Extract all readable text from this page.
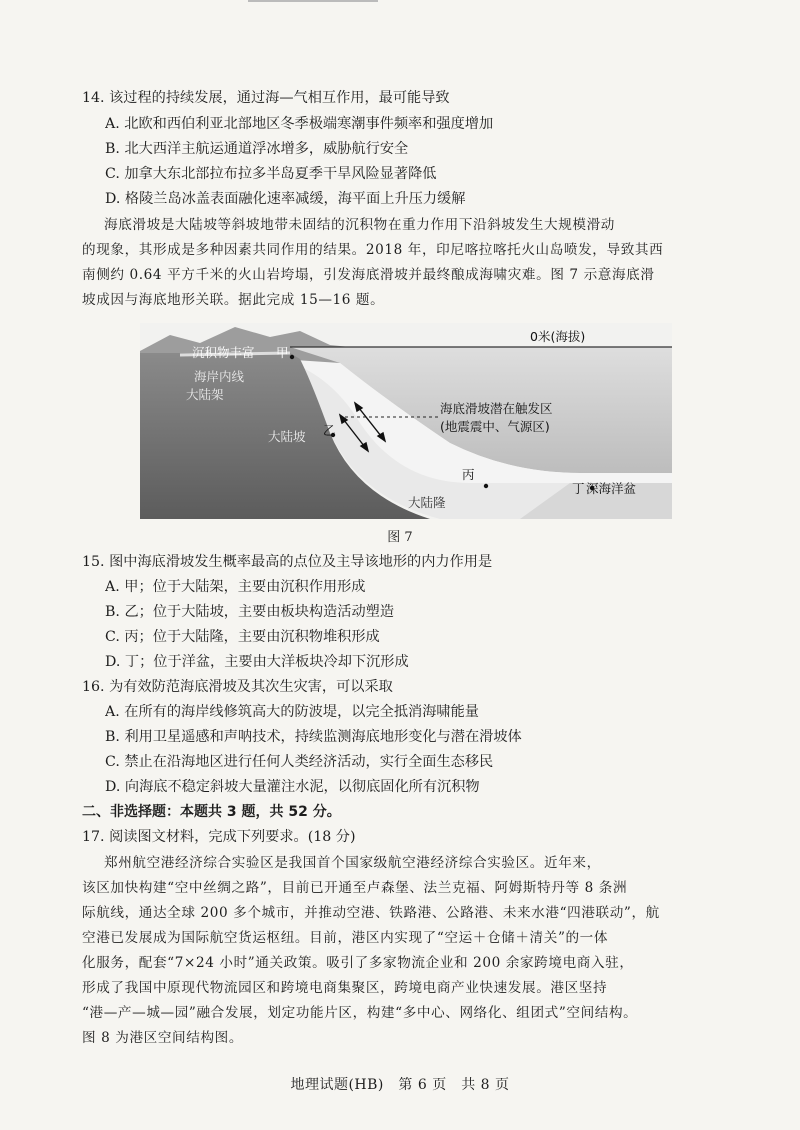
14. 该过程的持续发展，通过海—气相互作用，最可能导致
A. 北欧和西伯利亚北部地区冬季极端寒潮事件频率和强度增加
B. 北大西洋主航运通道浮冰增多，威胁航行安全
C. 加拿大东北部拉布拉多半岛夏季干旱风险显著降低
D. 格陵兰岛冰盖表面融化速率减缓，海平面上升压力缓解
海底滑坡是大陆坡等斜坡地带未固结的沉积物在重力作用下沿斜坡发生大规模滑动
的现象，其形成是多种因素共同作用的结果。2018 年，印尼喀拉喀托火山岛喷发，导致其西
南侧约 0.64 平方千米的火山岩垮塌，引发海底滑坡并最终酿成海啸灾难。图 7 示意海底滑
坡成因与海底地形关联。据此完成 15—16 题。
0米(海拔)
沉积物丰富 甲
海岸内线
大陆架
大陆坡 乙
海底滑坡潜在触发区
(地震震中、气源区)
丙
大陆隆
丁 深海洋盆
图 7
15. 图中海底滑坡发生概率最高的点位及主导该地形的内力作用是
A. 甲；位于大陆架，主要由沉积作用形成
B. 乙；位于大陆坡，主要由板块构造活动塑造
C. 丙；位于大陆隆，主要由沉积物堆积形成
D. 丁；位于洋盆，主要由大洋板块冷却下沉形成
16. 为有效防范海底滑坡及其次生灾害，可以采取
A. 在所有的海岸线修筑高大的防波堤，以完全抵消海啸能量
B. 利用卫星遥感和声呐技术，持续监测海底地形变化与潜在滑坡体
C. 禁止在沿海地区进行任何人类经济活动，实行全面生态移民
D. 向海底不稳定斜坡大量灌注水泥，以彻底固化所有沉积物
二、非选择题：本题共 3 题，共 52 分。
17. 阅读图文材料，完成下列要求。(18 分)
郑州航空港经济综合实验区是我国首个国家级航空港经济综合实验区。近年来，
该区加快构建“空中丝绸之路”，目前已开通至卢森堡、法兰克福、阿姆斯特丹等 8 条洲
际航线，通达全球 200 多个城市，并推动空港、铁路港、公路港、未来水港“四港联动”，航
空港已发展成为国际航空货运枢纽。目前，港区内实现了“空运＋仓储＋清关”的一体
化服务，配套“7×24 小时”通关政策。吸引了多家物流企业和 200 余家跨境电商入驻，
形成了我国中原现代物流园区和跨境电商集聚区，跨境电商产业快速发展。港区坚持
“港—产—城—园”融合发展，划定功能片区，构建“多中心、网络化、组团式”空间结构。
图 8 为港区空间结构图。
地理试题(HB)　第 6 页　共 8 页
